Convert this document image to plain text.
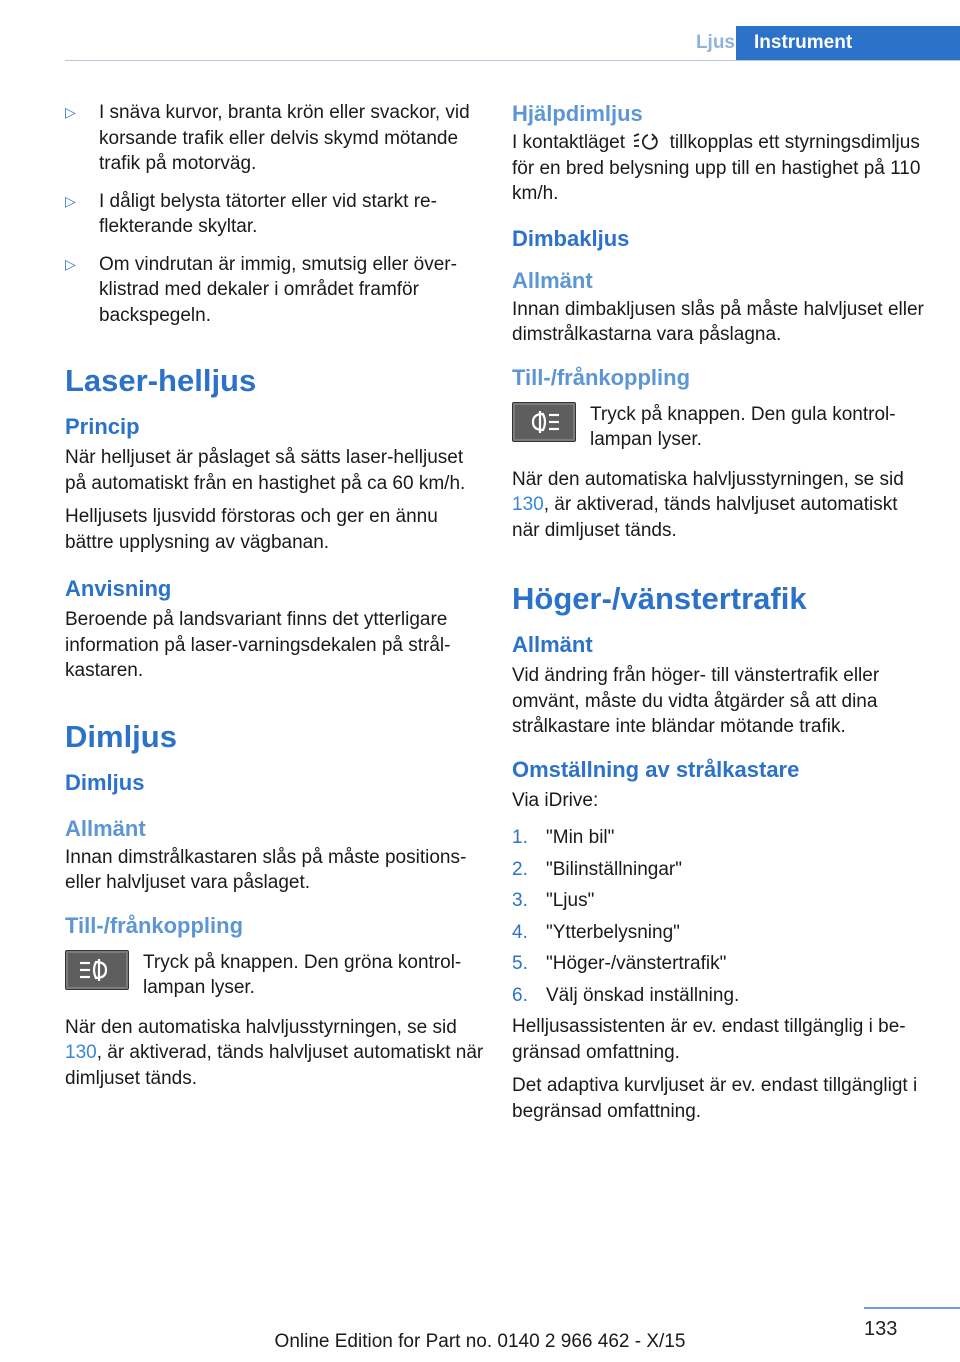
Ljus	Instrument
▷	I snäva kurvor, branta krön eller svackor, vid korsande trafik eller delvis skymd mötande trafik på motorväg.
▷	I dåligt belysta tätorter eller vid starkt reflekterande skyltar.
▷	Om vindrutan är immig, smutsig eller överklistrad med dekaler i området framför backspegeln.
Laser-helljus
Princip

När helljuset är påslaget så sätts laser-helljuset på automatiskt från en hastighet på ca 60 km/h.

Helljusets ljusvidd förstoras och ger en ännu bättre upplysning av vägbanan.

Anvisning

Beroende på landsvariant finns det ytterligare information på laser-varningsdekalen på strålkastaren.

Dimljus
Dimljus
Allmänt

Innan dimstrålkastaren slås på måste positions- eller halvljuset vara påslaget.

Till-/frånkoppling
Tryck på knappen. Den gröna kontrollampan lyser.

När den automatiska halvljusstyrningen, se sid 130, är aktiverad, tänds halvljuset automatiskt när dimljuset tänds.

Hjälpdimljus

I kontaktläget  tillkopplas ett styrningsdimljus för en bred belysning upp till en hastighet på 110 km/h.

Dimbakljus
Allmänt

Innan dimbakljusen slås på måste halvljuset eller dimstrålkastarna vara påslagna.

Till-/frånkoppling
Tryck på knappen. Den gula kontrollampan lyser.

När den automatiska halvljusstyrningen, se sid 130, är aktiverad, tänds halvljuset automatiskt när dimljuset tänds.

Höger-/vänstertrafik
Allmänt

Vid ändring från höger- till vänstertrafik eller omvänt, måste du vidta åtgärder så att dina strålkastare inte bländar mötande trafik.

Omställning av strålkastare

Via iDrive:

1. "Min bil"
2. "Bilinställningar"
3. "Ljus"
4. "Ytterbelysning"
5. "Höger-/vänstertrafik"
6. Välj önskad inställning.

Helljusassistenten är ev. endast tillgänglig i begränsad omfattning.

Det adaptiva kurvljuset är ev. endast tillgängligt i begränsad omfattning.

133
Online Edition for Part no. 0140 2 966 462 - X/15
